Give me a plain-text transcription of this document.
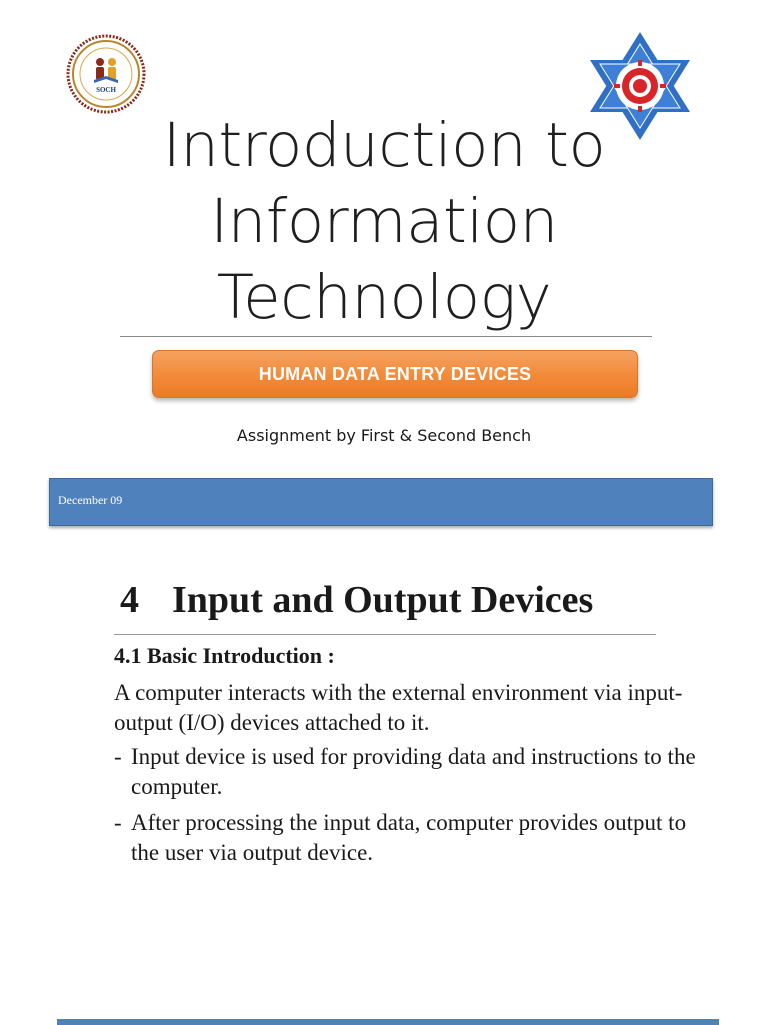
SOCH
Introduction to
Information
Technology
HUMAN DATA ENTRY DEVICES
Assignment by First & Second Bench
December 09
4 Input and Output Devices
4.1 Basic Introduction :
A computer interacts with the external environment via input-output (I/O) devices attached to it.
- Input device is used for providing data and instructions to the computer.
- After processing the input data, computer provides output to the user via output device.
